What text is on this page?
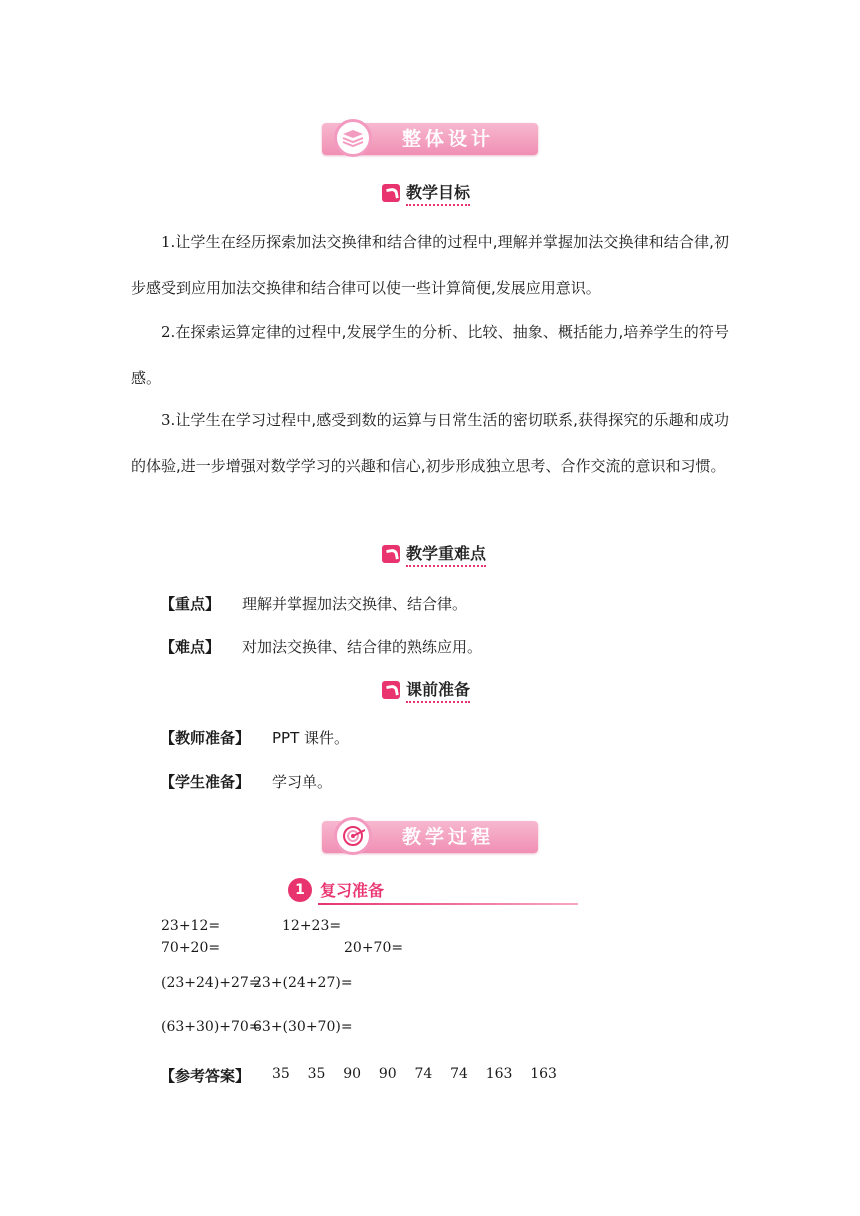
整体设计
教学目标
1.让学生在经历探索加法交换律和结合律的过程中,理解并掌握加法交换律和结合律,初步感受到应用加法交换律和结合律可以使一些计算简便,发展应用意识。
2.在探索运算定律的过程中,发展学生的分析、比较、抽象、概括能力,培养学生的符号感。
3.让学生在学习过程中,感受到数的运算与日常生活的密切联系,获得探究的乐趣和成功的体验,进一步增强对数学学习的兴趣和信心,初步形成独立思考、合作交流的意识和习惯。
教学重难点
【重点】 理解并掌握加法交换律、结合律。
【难点】 对加法交换律、结合律的熟练应用。
课前准备
【教师准备】 PPT 课件。
【学生准备】 学习单。
教学过程
1 复习准备
23+12=	12+23=
70+20=	20+70=
(23+24)+27=
23+(24+27)=
(63+30)+70=
63+(30+70)=
【参考答案】 35    35    90    90    74    74    163    163
